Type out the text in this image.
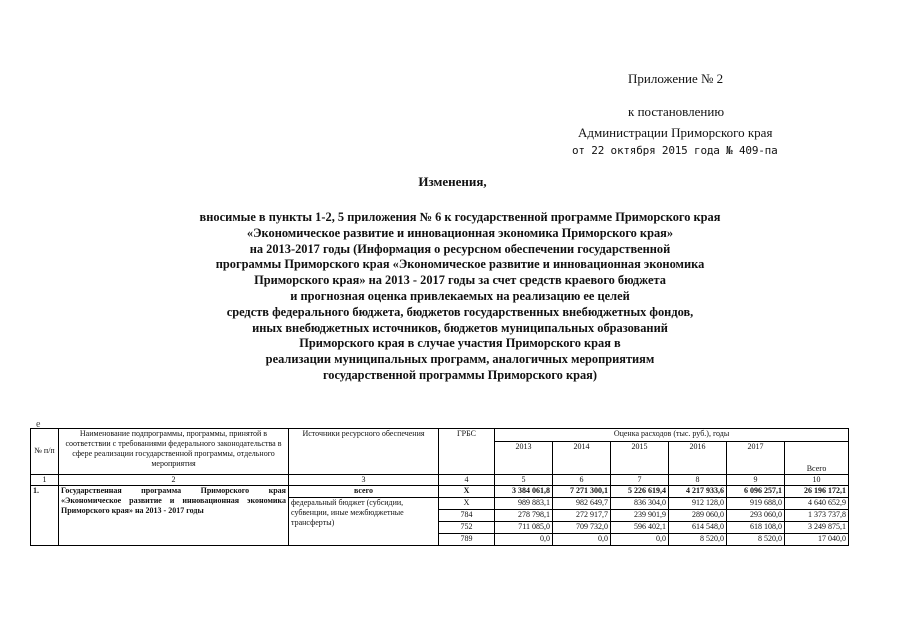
Приложение № 2
к постановлению
Администрации Приморского края
от 22 октября 2015 года № 409-па
Изменения,
вносимые в пункты 1-2, 5 приложения № 6 к государственной программе Приморского края
«Экономическое развитие и инновационная экономика Приморского края»
на 2013-2017 годы (Информация о ресурсном обеспечении государственной
программы Приморского края «Экономическое развитие и инновационная экономика
Приморского края» на 2013 - 2017 годы за счет средств краевого бюджета
и прогнозная оценка привлекаемых на реализацию ее целей
средств федерального бюджета, бюджетов государственных внебюджетных фондов,
иных внебюджетных источников, бюджетов муниципальных образований
Приморского края в случае участия Приморского края в
реализации муниципальных программ, аналогичных мероприятиям
государственной программы Приморского края)
е
№ п/п	Наименование подпрограммы, программы, принятой в соответствии с требованиями федерального законодательства в сфере реализации государственной программы, отдельного мероприятия	Источники ресурсного обеспечения	ГРБС	Оценка расходов (тыс. руб.), годы					
				2013	2014	2015	2016	2017	Всего

1	2	3	4	5	6	7	8	9	10
1.	Государственная программа Приморского края «Экономическое развитие и инновационная экономика Приморского края» на 2013 - 2017 годы	всего	Х	3 384 061,8	7 271 300,1	5 226 619,4	4 217 933,6	6 096 257,1	26 196 172,1
		федеральный бюджет (субсидии, субвенции, иные межбюджетные трансферты)	Х	989 883,1	982 649,7	836 304,0	912 128,0	919 688,0	4 640 652,9
			784	278 798,1	272 917,7	239 901,9	289 060,0	293 060,0	1 373 737,8
			752	711 085,0	709 732,0	596 402,1	614 548,0	618 108,0	3 249 875,1
			789	0,0	0,0	0,0	8 520,0	8 520,0	17 040,0
